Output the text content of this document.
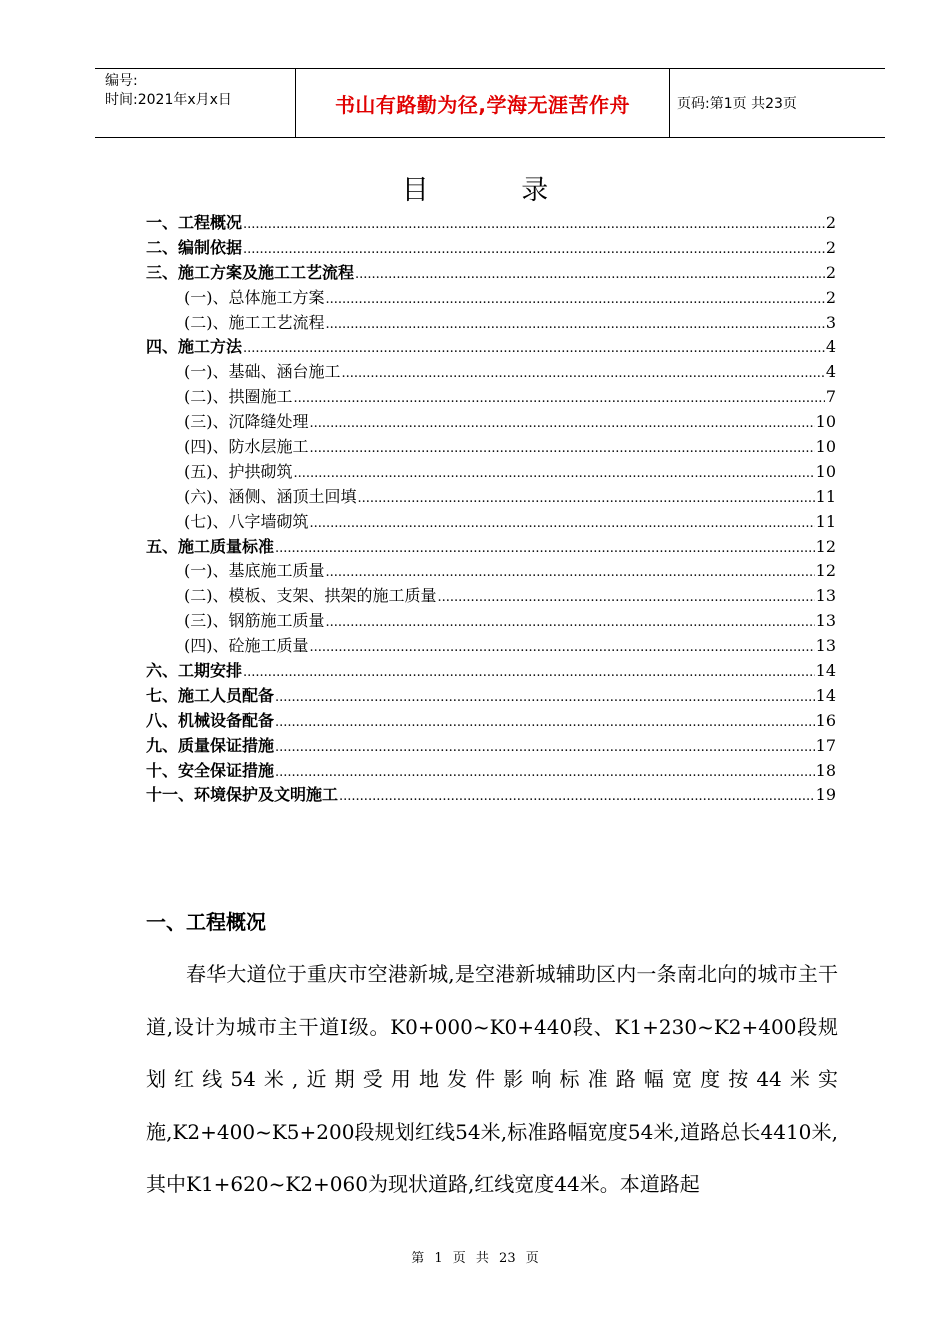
编号:
时间:2021年x月x日	书山有路勤为径,学海无涯苦作舟	页码:第1页 共23页
目 录
一、工程概况 .....	2
二、编制依据 .....	2
三、施工方案及施工工艺流程 .....	2
(一)、总体施工方案 .....	2
(二)、施工工艺流程 .....	3
四、施工方法 .....	4
(一)、基础、涵台施工 .....	4
(二)、拱圈施工 .....	7
(三)、沉降缝处理 .....	10
(四)、防水层施工 .....	10
(五)、护拱砌筑 .....	10
(六)、涵侧、涵顶土回填 .....	11
(七)、八字墙砌筑 .....	11
五、施工质量标准 .....	12
(一)、基底施工质量 .....	12
(二)、模板、支架、拱架的施工质量 .....	13
(三)、钢筋施工质量 .....	13
(四)、砼施工质量 .....	13
六、工期安排 .....	14
七、施工人员配备 .....	14
八、机械设备配备 .....	16
九、质量保证措施 .....	17
十、安全保证措施 .....	18
十一、环境保护及文明施工 .....	19
一、工程概况
春华大道位于重庆市空港新城,是空港新城辅助区内一条南北向的城市主干道,设计为城市主干道Ⅰ级。K0+000~K0+440段、K1+230~K2+400段规划红线54米,近期受用地发件影响标准路幅宽度按44米实施,K2+400~K5+200段规划红线54米,标准路幅宽度54米,道路总长4410米,其中K1+620~K2+060为现状道路,红线宽度44米。本道路起
第 1 页 共 23 页
